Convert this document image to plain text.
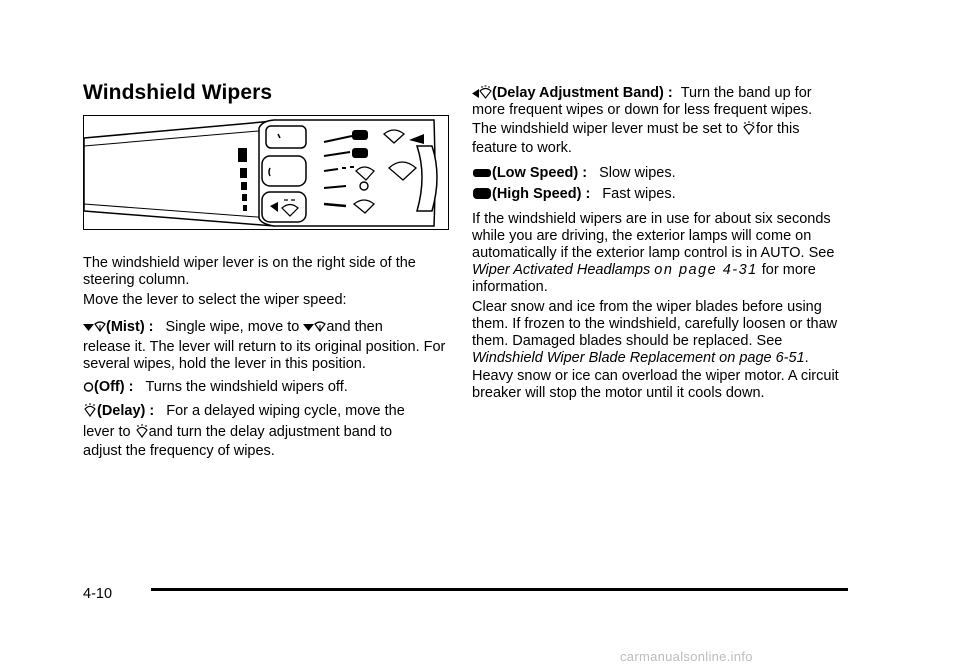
Windshield Wipers

The windshield wiper lever is on the right side of the steering column.

Move the lever to select the wiper speed:

(Mist) : Single wipe, move to and then

release it. The lever will return to its original position. For several wipes, hold the lever in this position.

(Off) : Turns the windshield wipers off.

(Delay) : For a delayed wiping cycle, move the

lever to and turn the delay adjustment band to

adjust the frequency of wipes.

(Delay Adjustment Band) : Turn the band up for

more frequent wipes or down for less frequent wipes.

The windshield wiper lever must be set to for this

feature to work.

(Low Speed) : Slow wipes.

(High Speed) : Fast wipes.

If the windshield wipers are in use for about six seconds while you are driving, the exterior lamps will come on automatically if the exterior lamp control is in AUTO. See Wiper Activated Headlamps on page 4-31 for more information.

Clear snow and ice from the wiper blades before using them. If frozen to the windshield, carefully loosen or thaw them. Damaged blades should be replaced. See Windshield Wiper Blade Replacement on page 6-51.

Heavy snow or ice can overload the wiper motor. A circuit breaker will stop the motor until it cools down.

4-10
carmanualsonline.info
